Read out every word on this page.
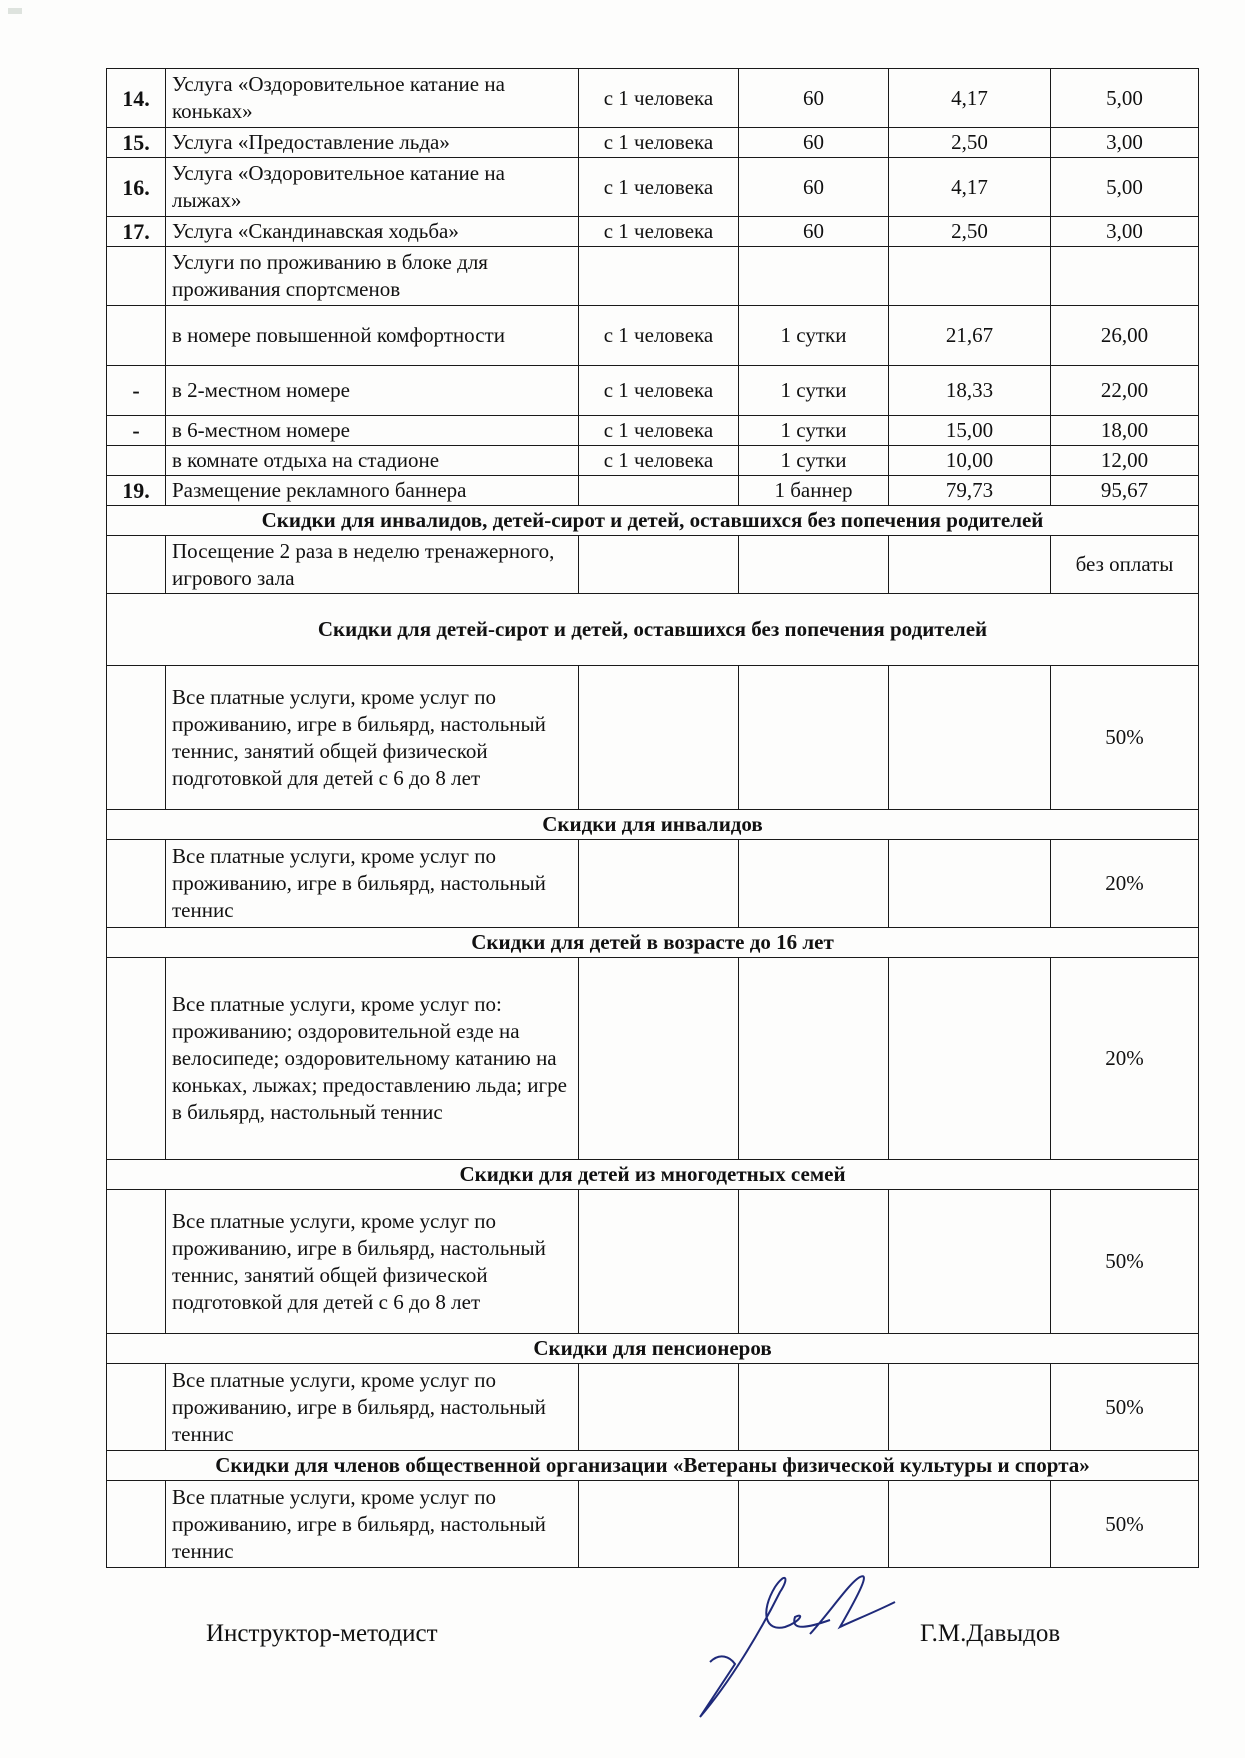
14.	Услуга «Оздоровительное катание на коньках»	с 1 человека	60	4,17	5,00
15.	Услуга «Предоставление льда»	с 1 человека	60	2,50	3,00
16.	Услуга «Оздоровительное катание на лыжах»	с 1 человека	60	4,17	5,00
17.	Услуга «Скандинавская ходьба»	с 1 человека	60	2,50	3,00
	Услуги по проживанию в блоке для проживания спортсменов				
	в номере повышенной комфортности	с 1 человека	1 сутки	21,67	26,00
-	в 2-местном номере	с 1 человека	1 сутки	18,33	22,00
-	в 6-местном номере	с 1 человека	1 сутки	15,00	18,00
	в комнате отдыха на стадионе	с 1 человека	1 сутки	10,00	12,00
19.	Размещение рекламного баннера		1 баннер	79,73	95,67
Скидки для инвалидов, детей-сирот и детей, оставшихся без попечения родителей					
	Посещение 2 раза в неделю тренажерного, игрового зала				без оплаты
Скидки для детей-сирот и детей, оставшихся без попечения родителей					
	Все платные услуги, кроме услуг по проживанию, игре в бильярд, настольный теннис, занятий общей физической подготовкой для детей с 6 до 8 лет				50%
Скидки для инвалидов					
	Все платные услуги, кроме услуг по проживанию, игре в бильярд, настольный теннис				20%
Скидки для детей в возрасте до 16 лет					
	Все платные услуги, кроме услуг по: проживанию; оздоровительной езде на велосипеде; оздоровительному катанию на коньках, лыжах; предоставлению льда; игре в бильярд, настольный теннис				20%
Скидки для детей из многодетных семей					
	Все платные услуги, кроме услуг по проживанию, игре в бильярд, настольный теннис, занятий общей физической подготовкой для детей с 6 до 8 лет				50%
Скидки для пенсионеров					
	Все платные услуги, кроме услуг по проживанию, игре в бильярд, настольный теннис				50%
Скидки для членов общественной организации «Ветераны физической культуры и спорта»					
	Все платные услуги, кроме услуг по проживанию, игре в бильярд, настольный теннис				50%
Инструктор-методист	Г.М.Давыдов
